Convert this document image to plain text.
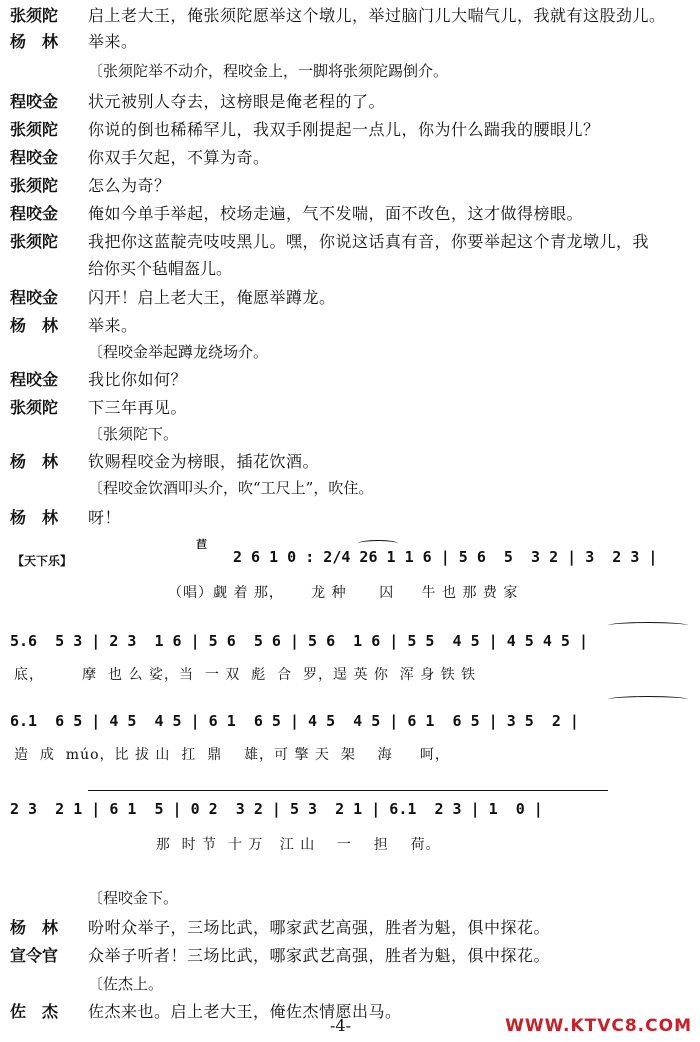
张须陀	启上老大王，俺张须陀愿举这个墩儿，举过脑门儿大喘气儿，我就有这股劲儿。
杨　林	举来。
〔张须陀举不动介，程咬金上，一脚将张须陀踢倒介。
程咬金	状元被别人夺去，这榜眼是俺老程的了。
张须陀	你说的倒也稀稀罕儿，我双手刚提起一点儿，你为什么踹我的腰眼儿？
程咬金	你双手欠起，不算为奇。
张须陀	怎么为奇？
程咬金	俺如今单手举起，校场走遍，气不发喘，面不改色，这才做得榜眼。
张须陀	我把你这蓝靛壳吱吱黑儿。嘿，你说这话真有音，你要举起这个青龙墩儿，我
给你买个毡帽盔儿。
程咬金	闪开！启上老大王，俺愿举蹲龙。
杨　林	举来。
〔程咬金举起蹲龙绕场介。
程咬金	我比你如何？
张须陀	下三年再见。
〔张须陀下。
杨　林	钦赐程咬金为榜眼，插花饮酒。
〔程咬金饮酒叩头介，吹“工尺上”，吹住。
杨　林	呀！
【天下乐】
苣
2 6 1 0 : 2/4 26 1 1 6 | 5 6  5  3 2 | 3  2 3 |
（唱）觑 着 那，     龙 种      囚     牛 也 那 费 家
5.6  5 3 | 2 3  1 6 | 5 6  5 6 | 5 6  1 6 | 5 5  4 5 | 4 5 4 5 |
底，       摩  也 么 娑，当  一 双  彪  合  罗，逞 英 你  浑 身 铁 铁
6.1  6 5 | 4 5  4 5 | 6 1  6 5 | 4 5  4 5 | 6 1  6 5 | 3 5  2 |
造  成  múo，比 拔 山  扛  鼎    雄，可 擎 天  架    海     呵，
2 3  2 1 | 6 1  5 | 0 2  3 2 | 5 3  2 1 | 6.1  2 3 | 1  0 |
那  时 节  十 万   江 山    一    担    荷。
〔程咬金下。
杨　林	吩咐众举子，三场比武，哪家武艺高强，胜者为魁，俱中探花。
宣令官	众举子听者！三场比武，哪家武艺高强，胜者为魁，俱中探花。
〔佐杰上。
佐　杰	佐杰来也。启上老大王，俺佐杰情愿出马。
-4-	WWW.KTVC8.COM
